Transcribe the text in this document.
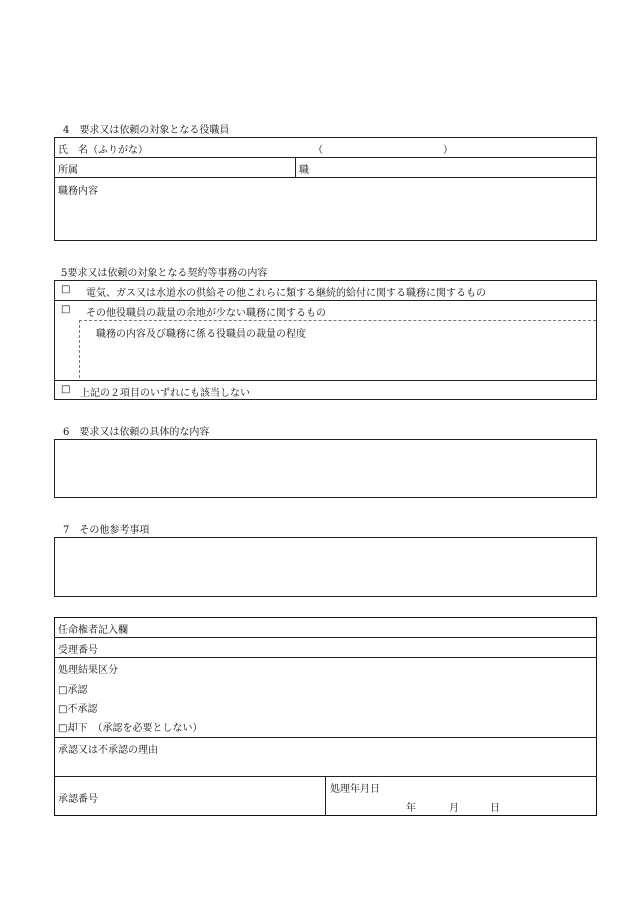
4　要求又は依頼の対象となる役職員
氏　名（ふりがな）	（	）
所属	職
職務内容
5要求又は依頼の対象となる契約等事務の内容
□ 電気、ガス又は水道水の供給その他これらに類する継続的給付に関する職務に関するもの
□ その他役職員の裁量の余地が少ない職務に関するもの
職務の内容及び職務に係る役職員の裁量の程度
□ 上記の２項目のいずれにも該当しない
6　要求又は依頼の具体的な内容
7　その他参考事項
任命権者記入欄
受理番号
処理結果区分
□承認
□不承認
□却下　（承認を必要としない）
承認又は不承認の理由
承認番号
処理年月日
年	月	日
